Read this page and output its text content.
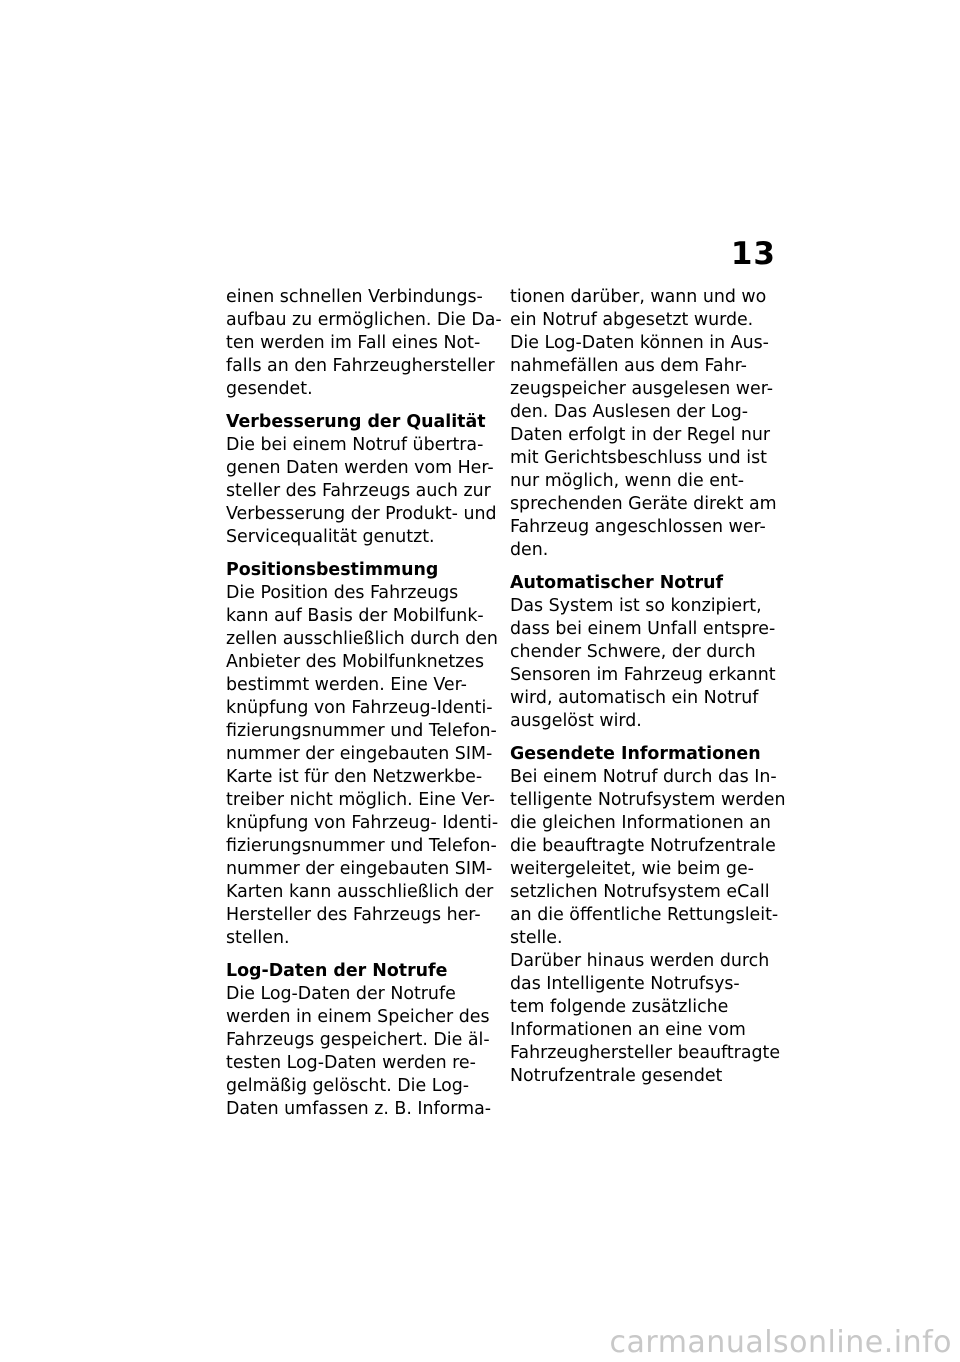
13
einen schnellen Verbindungs-
aufbau zu ermöglichen. Die Da-
ten werden im Fall eines Not-
falls an den Fahrzeughersteller
gesendet.
Verbesserung der Qualität
Die bei einem Notruf übertra-
genen Daten werden vom Her-
steller des Fahrzeugs auch zur
Verbesserung der Produkt- und
Servicequalität genutzt.
Positionsbestimmung
Die Position des Fahrzeugs
kann auf Basis der Mobilfunk-
zellen ausschließlich durch den
Anbieter des Mobilfunknetzes
bestimmt werden. Eine Ver-
knüpfung von Fahrzeug-Identi-
fizierungsnummer und Telefon-
nummer der eingebauten SIM-
Karte ist für den Netzwerkbe-
treiber nicht möglich. Eine Ver-
knüpfung von Fahrzeug- Identi-
fizierungsnummer und Telefon-
nummer der eingebauten SIM-
Karten kann ausschließlich der
Hersteller des Fahrzeugs her-
stellen.
Log-Daten der Notrufe
Die Log-Daten der Notrufe
werden in einem Speicher des
Fahrzeugs gespeichert. Die äl-
testen Log-Daten werden re-
gelmäßig gelöscht. Die Log-
Daten umfassen z. B. Informa-
tionen darüber, wann und wo
ein Notruf abgesetzt wurde.
Die Log-Daten können in Aus-
nahmefällen aus dem Fahr-
zeugspeicher ausgelesen wer-
den. Das Auslesen der Log-
Daten erfolgt in der Regel nur
mit Gerichtsbeschluss und ist
nur möglich, wenn die ent-
sprechenden Geräte direkt am
Fahrzeug angeschlossen wer-
den.
Automatischer Notruf
Das System ist so konzipiert,
dass bei einem Unfall entspre-
chender Schwere, der durch
Sensoren im Fahrzeug erkannt
wird, automatisch ein Notruf
ausgelöst wird.
Gesendete Informationen
Bei einem Notruf durch das In-
telligente Notrufsystem werden
die gleichen Informationen an
die beauftragte Notrufzentrale
weitergeleitet, wie beim ge-
setzlichen Notrufsystem eCall
an die öffentliche Rettungsleit-
stelle.
Darüber hinaus werden durch
das Intelligente Notrufsys-
tem folgende zusätzliche
Informationen an eine vom
Fahrzeughersteller beauftragte
Notrufzentrale gesendet
carmanualsonline.info
